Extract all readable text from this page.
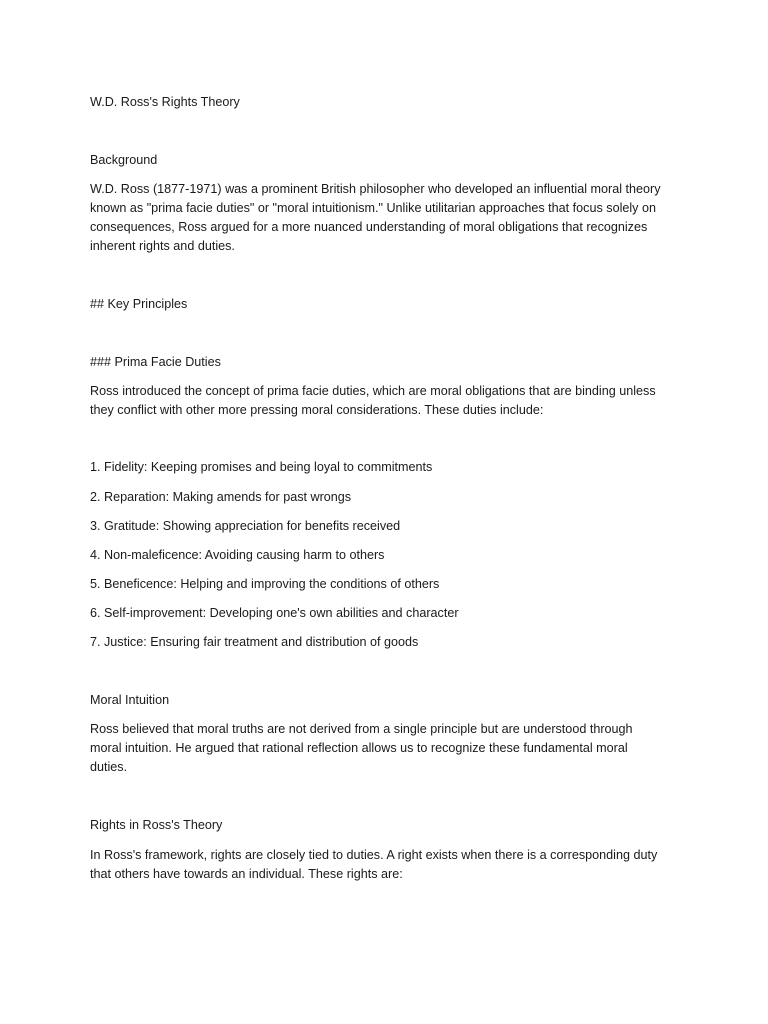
W.D. Ross's Rights Theory
Background
W.D. Ross (1877-1971) was a prominent British philosopher who developed an influential moral theory
known as "prima facie duties" or "moral intuitionism." Unlike utilitarian approaches that focus solely on
consequences, Ross argued for a more nuanced understanding of moral obligations that recognizes
inherent rights and duties.
## Key Principles
### Prima Facie Duties
Ross introduced the concept of prima facie duties, which are moral obligations that are binding unless
they conflict with other more pressing moral considerations. These duties include:
1. Fidelity: Keeping promises and being loyal to commitments
2. Reparation: Making amends for past wrongs
3. Gratitude: Showing appreciation for benefits received
4. Non-maleficence: Avoiding causing harm to others
5. Beneficence: Helping and improving the conditions of others
6. Self-improvement: Developing one's own abilities and character
7. Justice: Ensuring fair treatment and distribution of goods
Moral Intuition
Ross believed that moral truths are not derived from a single principle but are understood through
moral intuition. He argued that rational reflection allows us to recognize these fundamental moral
duties.
Rights in Ross's Theory
In Ross's framework, rights are closely tied to duties. A right exists when there is a corresponding duty
that others have towards an individual. These rights are:
